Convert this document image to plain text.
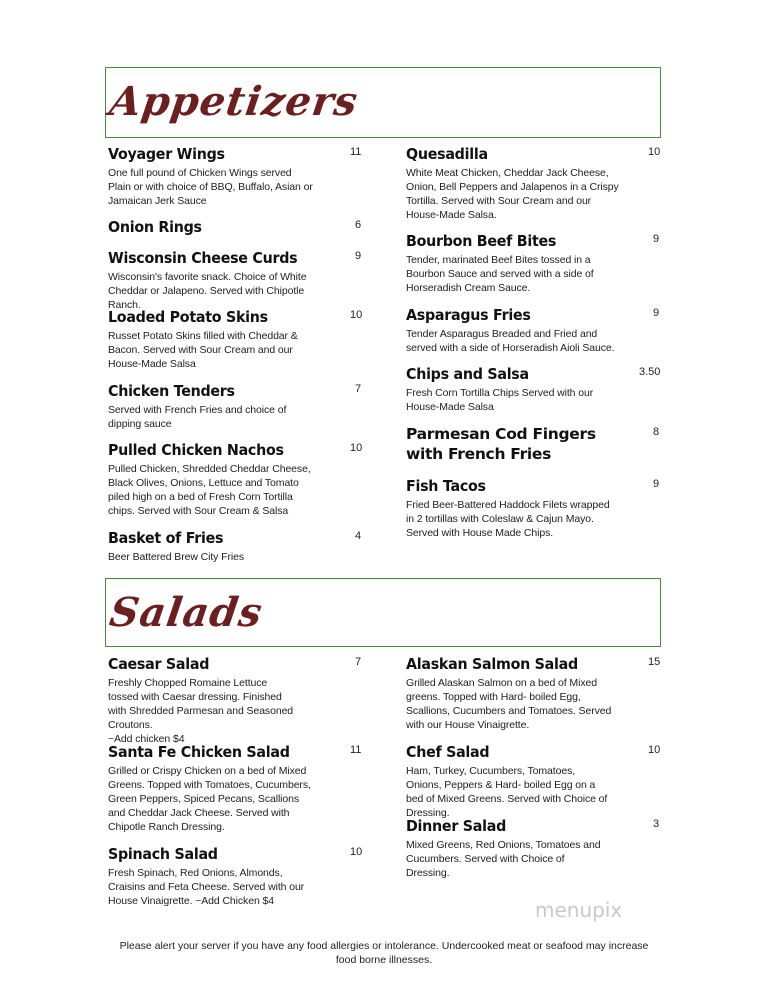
Appetizers
Voyager Wings	11
One full pound of Chicken Wings served Plain or with choice of BBQ, Buffalo, Asian or Jamaican Jerk Sauce
Onion Rings	6
Wisconsin Cheese Curds	9
Wisconsin's favorite snack. Choice of White Cheddar or Jalapeno. Served with Chipotle Ranch.
Loaded Potato Skins	10
Russet Potato Skins filled with Cheddar & Bacon. Served with Sour Cream and our House-Made Salsa
Chicken Tenders	7
Served with French Fries and choice of dipping sauce
Pulled Chicken Nachos	10
Pulled Chicken, Shredded Cheddar Cheese, Black Olives, Onions, Lettuce and Tomato piled high on a bed of Fresh Corn Tortilla chips. Served with Sour Cream & Salsa
Basket of Fries	4
Beer Battered Brew City Fries
Quesadilla	10
White Meat Chicken, Cheddar Jack Cheese, Onion, Bell Peppers and Jalapenos in a Crispy Tortilla. Served with Sour Cream and our House-Made Salsa.
Bourbon Beef Bites	9
Tender, marinated Beef Bites tossed in a Bourbon Sauce and served with a side of Horseradish Cream Sauce.
Asparagus Fries	9
Tender Asparagus Breaded and Fried and served with a side of Horseradish Aioli Sauce.
Chips and Salsa	3.50
Fresh Corn Tortilla Chips Served with our House-Made Salsa
Parmesan Cod Fingers with French Fries
8
Fish Tacos	9
Fried Beer-Battered Haddock Filets wrapped in 2 tortillas with Coleslaw & Cajun Mayo. Served with House Made Chips.
Salads
Caesar Salad	7
Freshly Chopped Romaine Lettuce tossed with Caesar dressing. Finished with Shredded Parmesan and Seasoned Croutons.
~Add chicken $4
Santa Fe Chicken Salad	11
Grilled or Crispy Chicken on a bed of Mixed Greens. Topped with Tomatoes, Cucumbers, Green Peppers, Spiced Pecans, Scallions and Cheddar Jack Cheese. Served with Chipotle Ranch Dressing.
Spinach Salad	10
Fresh Spinach, Red Onions, Almonds, Craisins and Feta Cheese. Served with our House Vinaigrette. ~Add Chicken $4
Alaskan Salmon Salad	15
Grilled Alaskan Salmon on a bed of Mixed greens. Topped with Hard- boiled Egg, Scallions, Cucumbers and Tomatoes. Served with our House Vinaigrette.
Chef Salad	10
Ham, Turkey, Cucumbers, Tomatoes, Onions, Peppers & Hard- boiled Egg on a bed of Mixed Greens. Served with Choice of Dressing.
Dinner Salad	3
Mixed Greens, Red Onions, Tomatoes and Cucumbers. Served with Choice of Dressing.
menupix
Please alert your server if you have any food allergies or intolerance. Undercooked meat or seafood may increase food borne illnesses.
